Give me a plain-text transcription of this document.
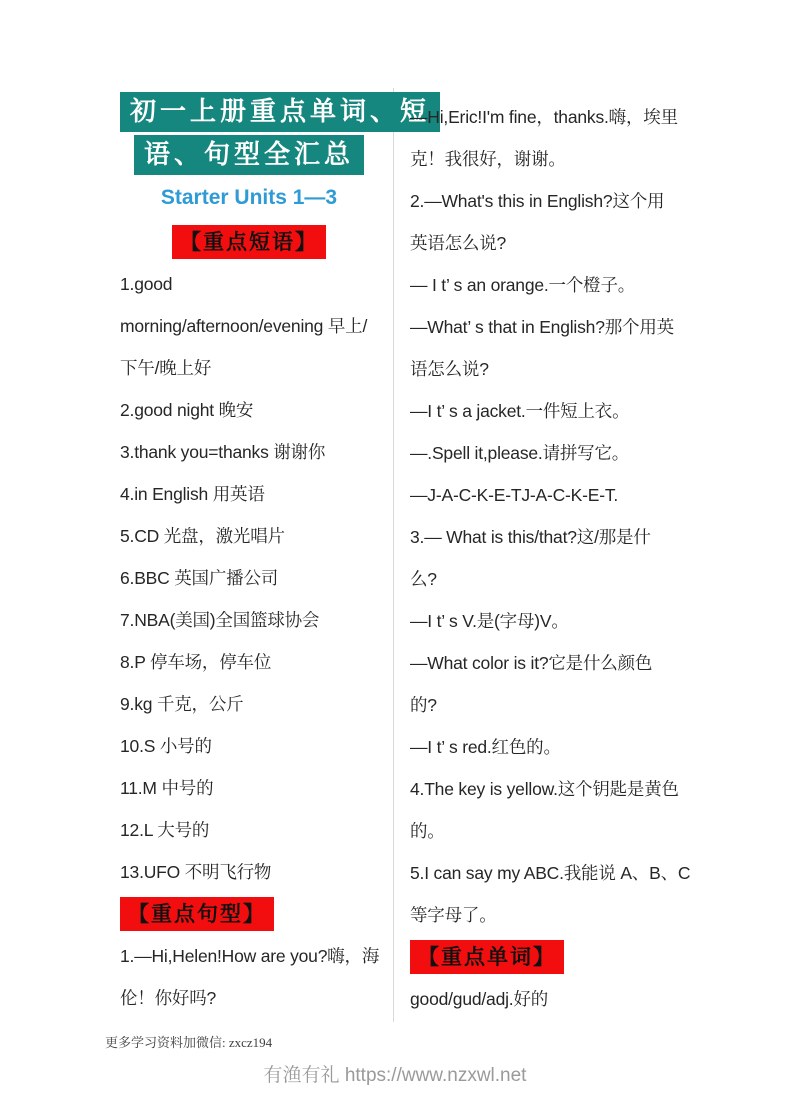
初一上册重点单词、短
语、句型全汇总
Starter Units 1—3
【重点短语】
1.good
morning/afternoon/evening 早上/
下午/晚上好
2.good night 晚安
3.thank you=thanks 谢谢你
4.in English 用英语
5.CD 光盘，激光唱片
6.BBC 英国广播公司
7.NBA(美国)全国篮球协会
8.P 停车场，停车位
9.kg 千克，公斤
10.S 小号的
11.M 中号的
12.L 大号的
13.UFO 不明飞行物
【重点句型】
1.—Hi,Helen!How are you?嗨，海
伦！你好吗?
—Hi,Eric!I'm fine，thanks.嗨，埃里
克！我很好，谢谢。
2.—What's this in English?这个用
英语怎么说?
— I t’ s an orange.一个橙子。
—What’ s that in English?那个用英
语怎么说?
—I t’ s a jacket.一件短上衣。
—.Spell it,please.请拼写它。
—J-A-C-K-E-TJ-A-C-K-E-T.
3.— What is this/that?这/那是什
么?
—I t’ s V.是(字母)V。
—What color is it?它是什么颜色
的?
—I t’ s red.红色的。
4.The key is yellow.这个钥匙是黄色
的。
5.I can say my ABC.我能说 A、B、C
等字母了。
【重点单词】
good/gud/adj.好的
更多学习资料加微信: zxcz194
有渔有礼 https://www.nzxwl.net
